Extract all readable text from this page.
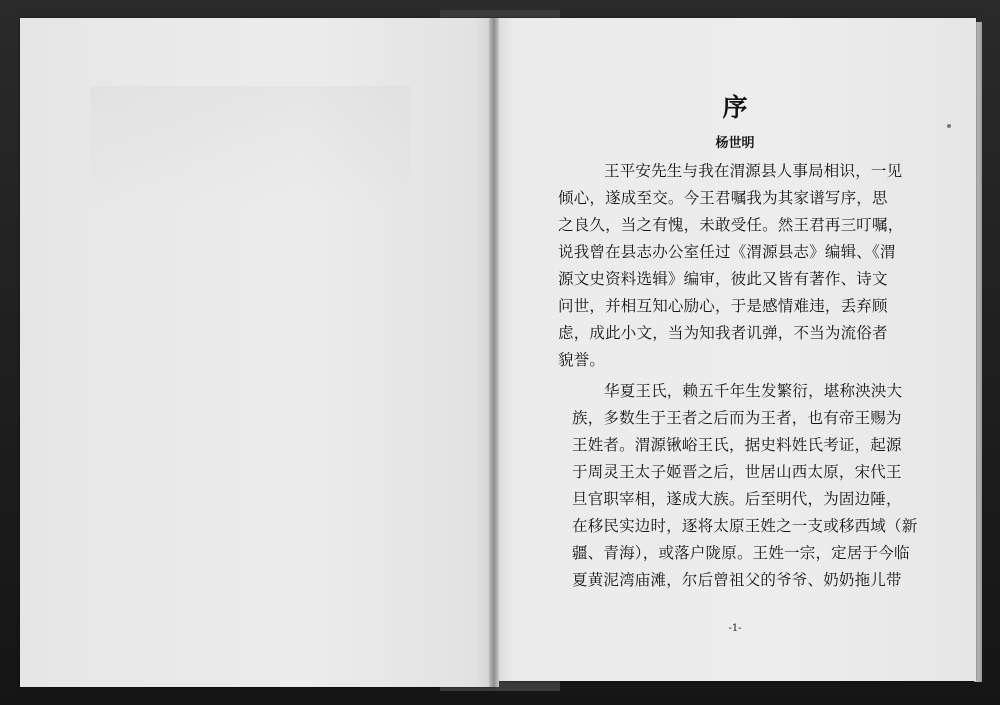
序
杨世明
王平安先生与我在渭源县人事局相识，一见
倾心，遂成至交。今王君嘱我为其家谱写序，思
之良久，当之有愧，未敢受任。然王君再三叮嘱，
说我曾在县志办公室任过《渭源县志》编辑、《渭
源文史资料选辑》编审，彼此又皆有著作、诗文
问世，并相互知心励心，于是感情难违，丢弃顾
虑，成此小文，当为知我者讥弹，不当为流俗者
貌誉。
华夏王氏，赖五千年生发繁衍，堪称泱泱大
族，多数生于王者之后而为王者，也有帝王赐为
王姓者。渭源锹峪王氏，据史料姓氏考证，起源
于周灵王太子姬晋之后，世居山西太原，宋代王
旦官职宰相，遂成大族。后至明代，为固边陲，
在移民实边时，逐将太原王姓之一支或移西域（新
疆、青海），或落户陇原。王姓一宗，定居于今临
夏黄泥湾庙滩，尔后曾祖父的爷爷、奶奶拖儿带
-1-
